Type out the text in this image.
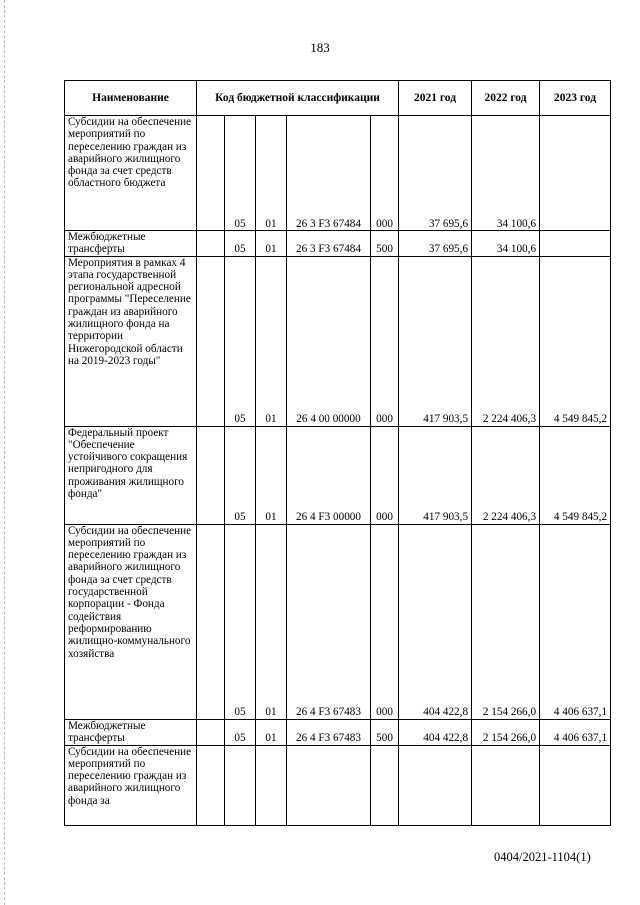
183
Наименование	Код бюджетной классификации					2021 год	2022 год	2023 год
Субсидии на обеспечение мероприятий по переселению граждан из аварийного жилищного фонда за счет средств областного бюджета		05	01	26 3 F3 67484	000	37 695,6	34 100,6	
Межбюджетные трансферты		05	01	26 3 F3 67484	500	37 695,6	34 100,6	
Мероприятия в рамках 4 этапа государственной региональной адресной программы "Переселение граждан из аварийного жилищного фонда на территории Нижегородской области на 2019-2023 годы"		05	01	26 4 00 00000	000	417 903,5	2 224 406,3	4 549 845,2
Федеральный проект "Обеспечение устойчивого сокращения непригодного для проживания жилищного фонда"		05	01	26 4 F3 00000	000	417 903,5	2 224 406,3	4 549 845,2
Субсидии на обеспечение мероприятий по переселению граждан из аварийного жилищного фонда за счет средств государственной корпорации - Фонда содействия реформированию жилищно-коммунального хозяйства		05	01	26 4 F3 67483	000	404 422,8	2 154 266,0	4 406 637,1
Межбюджетные трансферты		05	01	26 4 F3 67483	500	404 422,8	2 154 266,0	4 406 637,1
Субсидии на обеспечение мероприятий по переселению граждан из аварийного жилищного фонда за								
0404/2021-1104(1)
